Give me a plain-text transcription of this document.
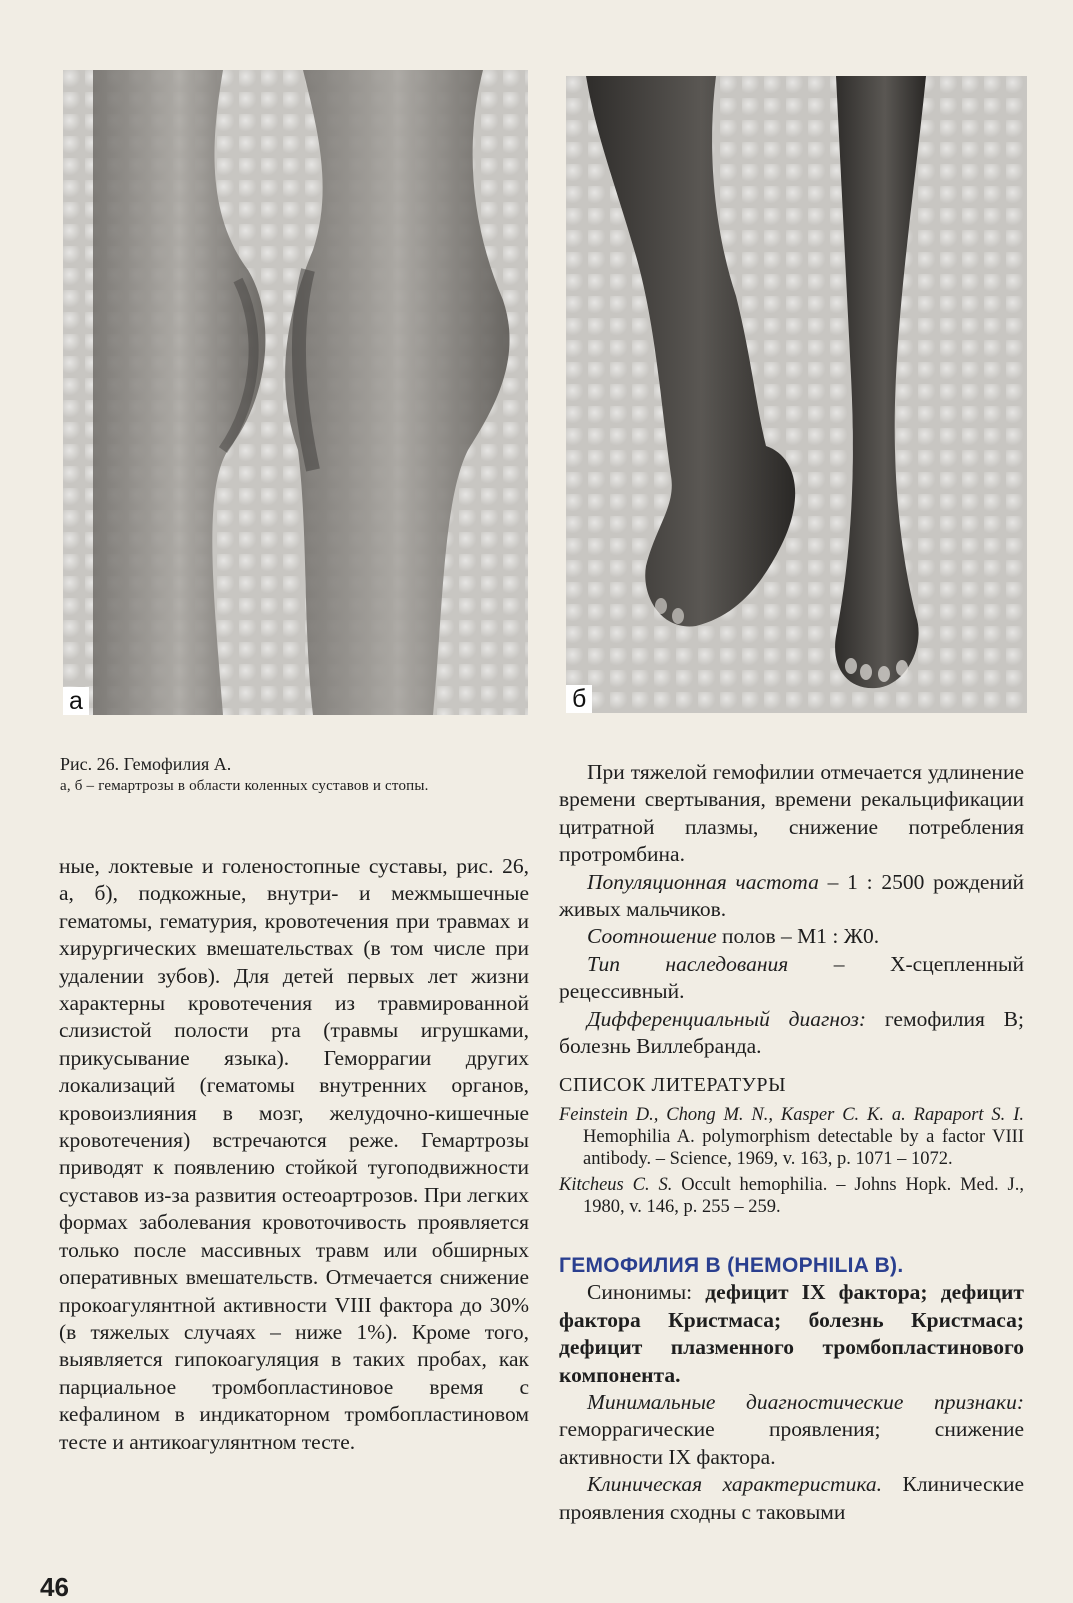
а	б

Рис. 26. Гемофилия А.

а, б – гемартрозы в области коленных суставов и стопы.

ные, локтевые и голеностопные суставы, рис. 26, а, б), подкожные, внутри- и межмышечные гематомы, гематурия, кровотечения при травмах и хирургических вмешательствах (в том числе при удалении зубов). Для детей первых лет жизни характерны кровотечения из травмированной слизистой полости рта (травмы игрушками, прикусывание языка). Геморрагии других локализаций (гематомы внутренних органов, кровоизлияния в мозг, желудочно-кишечные кровотечения) встречаются реже. Гемартрозы приводят к появлению стойкой тугоподвижности суставов из-за развития остеоартрозов. При легких формах заболевания кровоточивость проявляется только после массивных травм или обширных оперативных вмешательств. Отмечается снижение прокоагулянтной активности VIII фактора до 30% (в тяжелых случаях – ниже 1%). Кроме того, выявляется гипокоагуляция в таких пробах, как парциальное тромбопластиновое время с кефалином в индикаторном тромбопластиновом тесте и антикоагулянтном тесте.

При тяжелой гемофилии отмечается удлинение времени свертывания, времени рекальцификации цитратной плазмы, снижение потребления протромбина.

Популяционная частота – 1 : 2500 рождений живых мальчиков.

Соотношение полов – М1 : Ж0.

Тип наследования – Х-сцепленный рецессивный.

Дифференциальный диагноз: гемофилия В; болезнь Виллебранда.

СПИСОК ЛИТЕРАТУРЫ

Feinstein D., Chong M. N., Kasper C. K. a. Rapaport S. I. Hemophilia A. polymorphism detectable by a factor VIII antibody. – Science, 1969, v. 163, p. 1071 – 1072.

Kitcheus C. S. Occult hemophilia. – Johns Hopk. Med. J., 1980, v. 146, p. 255 – 259.

ГЕМОФИЛИЯ В (HEMOPHILIA B).

Синонимы: дефицит IX фактора; дефицит фактора Кристмаса; болезнь Кристмаса; дефицит плазменного тромбопластинового компонента.

Минимальные диагностические признаки: геморрагические проявления; снижение активности IX фактора.

Клиническая характеристика. Клинические проявления сходны с таковыми

46
